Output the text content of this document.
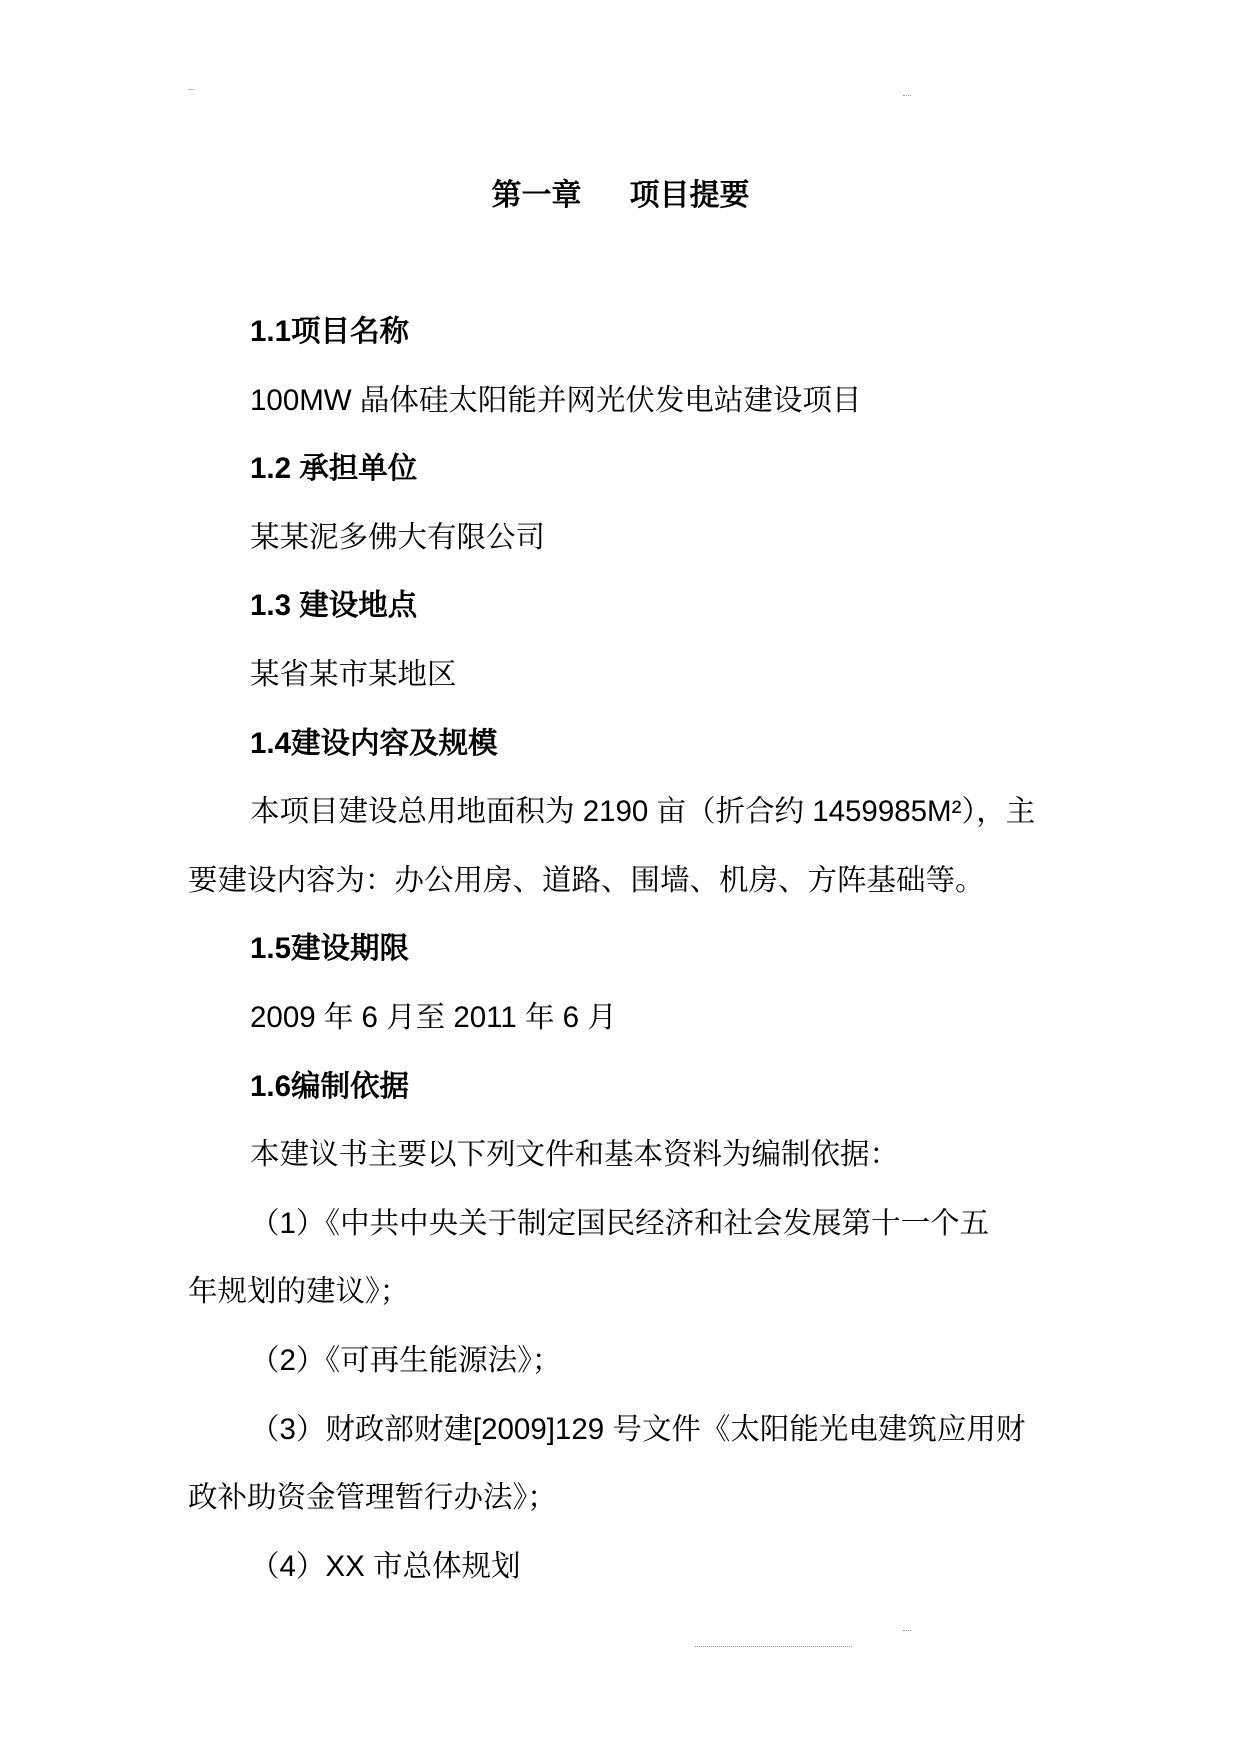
第一章 项目提要
1.1项目名称
100MW 晶体硅太阳能并网光伏发电站建设项目
1.2 承担单位
某某泥多佛大有限公司
1.3 建设地点
某省某市某地区
1.4建设内容及规模
本项目建设总用地面积为 2190 亩（折合约 1459985M²），主
要建设内容为：办公用房、道路、围墙、机房、方阵基础等。
1.5建设期限
2009 年 6 月至 2011 年 6 月
1.6编制依据
本建议书主要以下列文件和基本资料为编制依据：
（1）《中共中央关于制定国民经济和社会发展第十一个五
年规划的建议》；
（2）《可再生能源法》；
（3）财政部财建[2009]129 号文件《太阳能光电建筑应用财
政补助资金管理暂行办法》；
（4）XX 市总体规划
